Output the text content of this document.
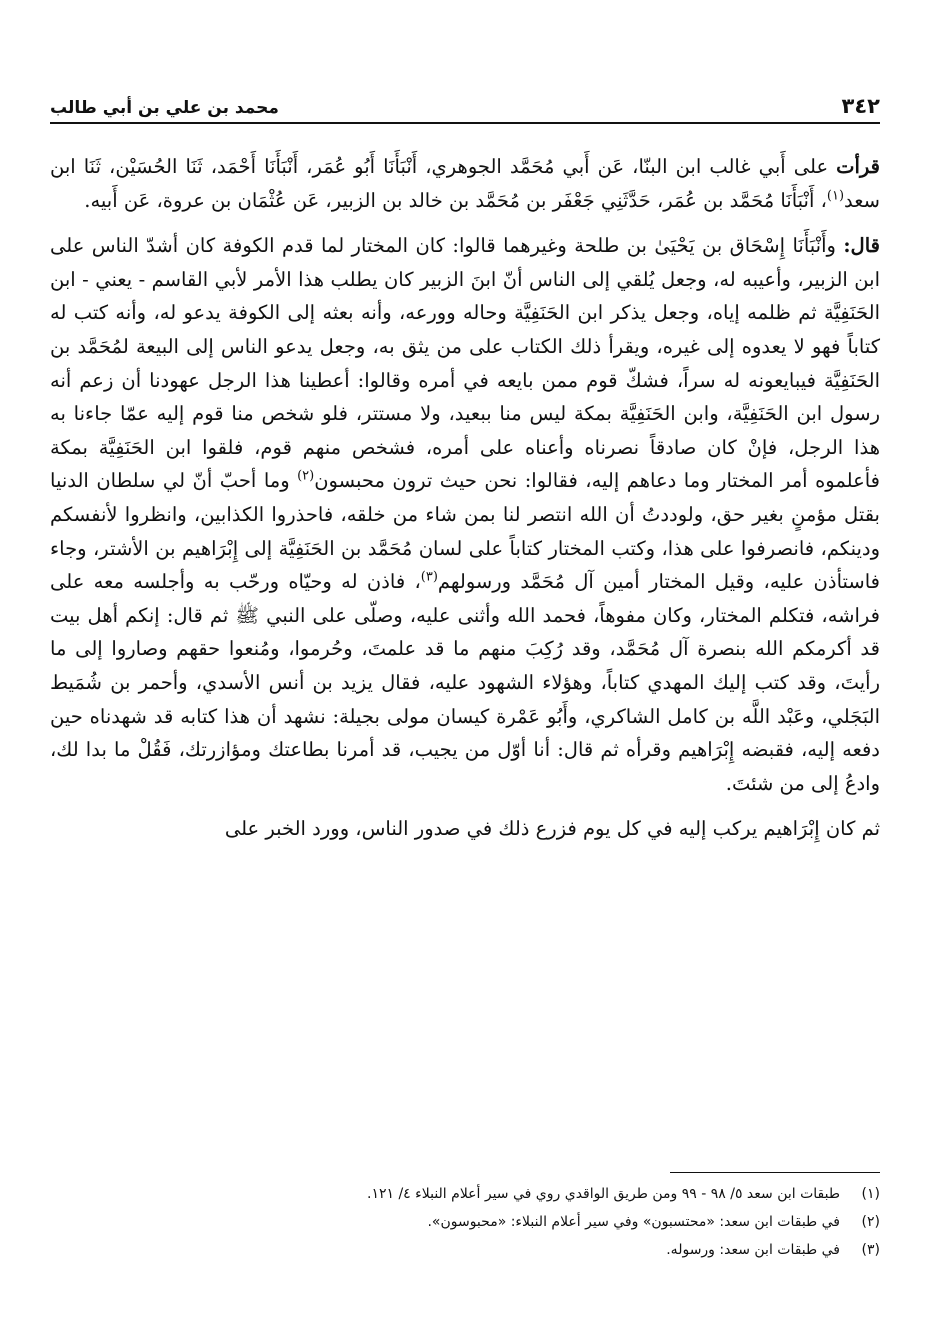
٣٤٢
محمد بن علي بن أبي طالب

قرأت على أَبي غالب ابن البنّا، عَن أَبي مُحَمَّد الجوهري، أَنْبَأَنَا أَبُو عُمَر، أَنْبَأَنَا أَحْمَد، ثَنَا الحُسَيْن، ثَنَا ابن سعد$^{(١)}$، أَنْبَأَنَا مُحَمَّد بن عُمَر، حَدَّثَنِي جَعْفَر بن مُحَمَّد بن خالد بن الزبير، عَن عُثْمَان بن عروة، عَن أَبيه.

قال: وأَنْبَأَنَا إِسْحَاق بن يَحْيَىٰ بن طلحة وغيرهما قالوا: كان المختار لما قدم الكوفة كان أشدّ الناس على ابن الزبير، وأعيبه له، وجعل يُلقي إلى الناس أنّ ابنَ الزبير كان يطلب هذا الأمر لأبي القاسم - يعني - ابن الحَنَفِيَّة ثم ظلمه إياه، وجعل يذكر ابن الحَنَفِيَّة وحاله وورعه، وأنه بعثه إلى الكوفة يدعو له، وأنه كتب له كتاباً فهو لا يعدوه إلى غيره، ويقرأ ذلك الكتاب على من يثق به، وجعل يدعو الناس إلى البيعة لمُحَمَّد بن الحَنَفِيَّة فيبايعونه له سراً، فشكّ قوم ممن بايعه في أمره وقالوا: أعطينا هذا الرجل عهودنا أن زعم أنه رسول ابن الحَنَفِيَّة، وابن الحَنَفِيَّة بمكة ليس منا ببعيد، ولا مستتر، فلو شخص منا قوم إليه عمّا جاءنا به هذا الرجل، فإنْ كان صادقاً نصرناه وأعناه على أمره، فشخص منهم قوم، فلقوا ابن الحَنَفِيَّة بمكة فأعلموه أمر المختار وما دعاهم إليه، فقالوا: نحن حيث ترون محبسون$^{(٢)}$ وما أحبّ أنّ لي سلطان الدنيا بقتل مؤمنٍ بغير حق، ولوددتُ أن الله انتصر لنا بمن شاء من خلقه، فاحذروا الكذابين، وانظروا لأنفسكم ودينكم، فانصرفوا على هذا، وكتب المختار كتاباً على لسان مُحَمَّد بن الحَنَفِيَّة إلى إِبْرَاهيم بن الأشتر، وجاء فاستأذن عليه، وقيل المختار أمين آل مُحَمَّد ورسولهم$^{(٣)}$، فاذن له وحيّاه ورحّب به وأجلسه معه على فراشه، فتكلم المختار، وكان مفوهاً، فحمد الله وأثنى عليه، وصلّى على النبي ﷺ ثم قال: إنكم أهل بيت قد أكرمكم الله بنصرة آل مُحَمَّد، وقد رُكِبَ منهم ما قد علمتَ، وحُرموا، ومُنعوا حقهم وصاروا إلى ما رأيتَ، وقد كتب إليك المهدي كتاباً، وهؤلاء الشهود عليه، فقال يزيد بن أنس الأسدي، وأحمر بن شُمَيط البَجَلي، وعَبْد اللَّه بن كامل الشاكري، وأَبُو عَمْرة كيسان مولى بجيلة: نشهد أن هذا كتابه قد شهدناه حين دفعه إليه، فقبضه إِبْرَاهيم وقرأه ثم قال: أنا أوّل من يجيب، قد أمرنا بطاعتك ومؤازرتك، فَقُلْ ما بدا لك، وادعُ إلى من شئتَ.

ثم كان إِبْرَاهيم يركب إليه في كل يوم فزرع ذلك في صدور الناس، وورد الخبر على

(١)
طبقات ابن سعد ٥/ ٩٨ - ٩٩ ومن طريق الواقدي روي في سير أعلام النبلاء ٤/ ١٢١.
(٢)
في طبقات ابن سعد: «محتسبون» وفي سير أعلام النبلاء: «محبوسون».
(٣)
في طبقات ابن سعد: ورسوله.
